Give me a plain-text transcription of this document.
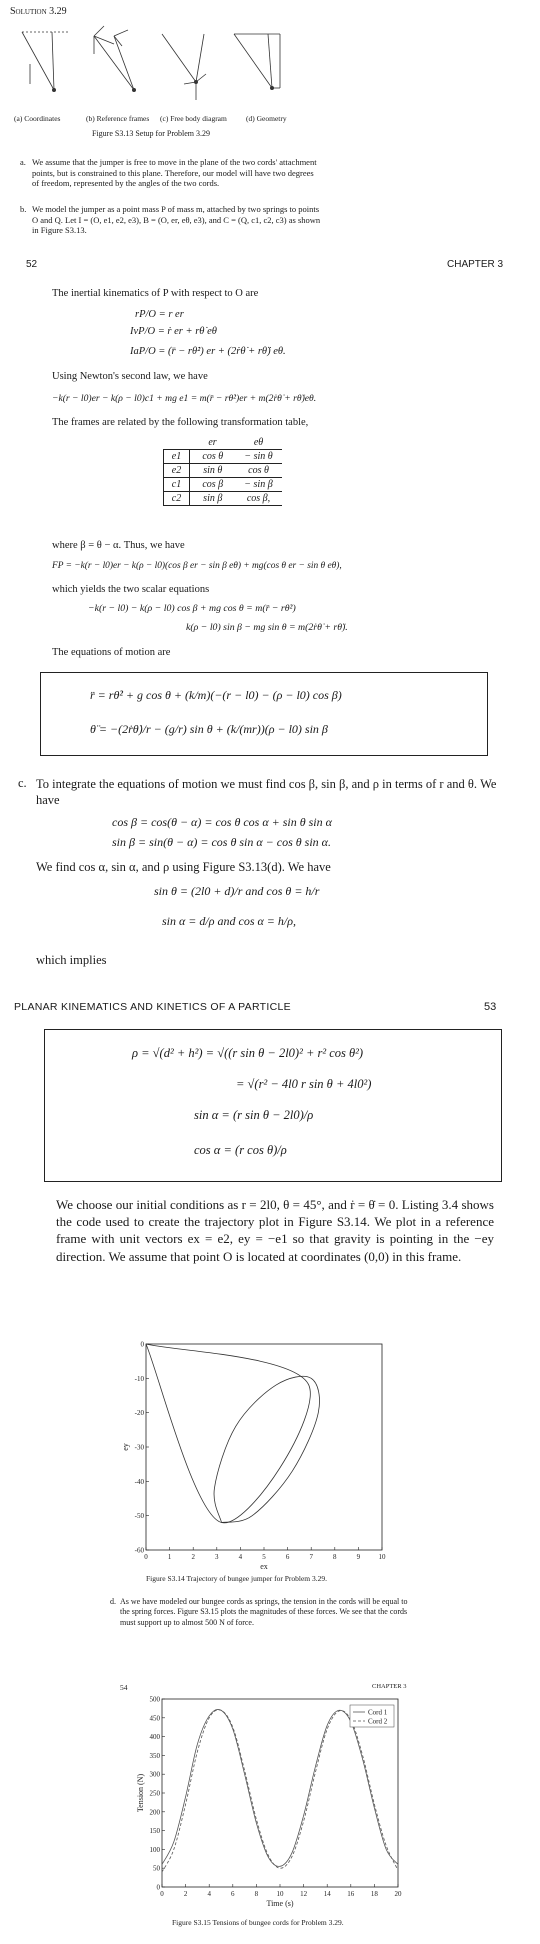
Solution 3.29
(a) Coordinates	(b) Reference frames (c) Free body diagram	(d) Geometry
Figure S3.13 Setup for Problem 3.29
a. We assume that the jumper is free to move in the plane of the two cords' attachment points, but is constrained to this plane. Therefore, our model will have two degrees of freedom, represented by the angles of the two cords.
b. We model the jumper as a point mass P of mass m, attached by two springs to points O and Q. Let I = (O, e1, e2, e3), B = (O, er, eθ, e3), and C = (Q, c1, c2, c3) as shown in Figure S3.13.
52	CHAPTER 3
The inertial kinematics of P with respect to O are
rP/O = r er
IvP/O = ṙ er + rθ̇ eθ
IaP/O = (r̈ − rθ̇²) er + (2ṙθ̇ + rθ̈) eθ.
Using Newton's second law, we have
−k(r − l0)er − k(ρ − l0)c1 + mg e1 = m(r̈ − rθ̇²)er + m(2ṙθ̇ + rθ̈)eθ.
The frames are related by the following transformation table,
	er	eθ
e1	cos θ	− sin θ
e2	sin θ	cos θ
c1	cos β	− sin β
c2	sin β	cos β,
where β = θ − α. Thus, we have
FP = −k(r − l0)er − k(ρ − l0)(cos β er − sin β eθ) + mg(cos θ er − sin θ eθ),
which yields the two scalar equations
−k(r − l0) − k(ρ − l0) cos β + mg cos θ = m(r̈ − rθ̇²)
k(ρ − l0) sin β − mg sin θ = m(2ṙθ̇ + rθ̈).
The equations of motion are
r̈ = rθ̇² + g cos θ + (k/m)(−(r − l0) − (ρ − l0) cos β)
θ̈ = −(2ṙθ̇)/r − (g/r) sin θ + (k/(mr))(ρ − l0) sin β
c. To integrate the equations of motion we must find cos β, sin β, and ρ in terms of r and θ. We have
cos β = cos(θ − α) = cos θ cos α + sin θ sin α
sin β = sin(θ − α) = cos θ sin α − cos θ sin α.
We find cos α, sin α, and ρ using Figure S3.13(d). We have
sin θ = (2l0 + d)/r and cos θ = h/r
sin α = d/ρ and cos α = h/ρ,
which implies
PLANAR KINEMATICS AND KINETICS OF A PARTICLE	53
ρ = √(d² + h²) = √((r sin θ − 2l0)² + r² cos θ²)
= √(r² − 4l0 r sin θ + 4l0²)
sin α = (r sin θ − 2l0)/ρ
cos α = (r cos θ)/ρ
We choose our initial conditions as r = 2l0, θ = 45°, and ṙ = θ̇ = 0. Listing 3.4 shows the code used to create the trajectory plot in Figure S3.14. We plot in a reference frame with unit vectors ex = e2, ey = −e1 so that gravity is pointing in the −ey direction. We assume that point O is located at coordinates (0,0) in this frame.
0	1	2	3	4	5	6	7	8	9	10
0
-10
-20
-30
-40
-50
-60
ex
ey
Figure S3.14 Trajectory of bungee jumper for Problem 3.29.
d. As we have modeled our bungee cords as springs, the tension in the cords will be equal to the spring forces. Figure S3.15 plots the magnitudes of these forces. We see that the cords must support up to almost 500 N of force.
54	CHAPTER 3
0	2	4	6	8	10 12 14 16 18 20
0
50
100
150
200
250
300
350
400
450
500
Time (s)
Tension (N)
Cord 1
Cord 2
Figure S3.15 Tensions of bungee cords for Problem 3.29.
